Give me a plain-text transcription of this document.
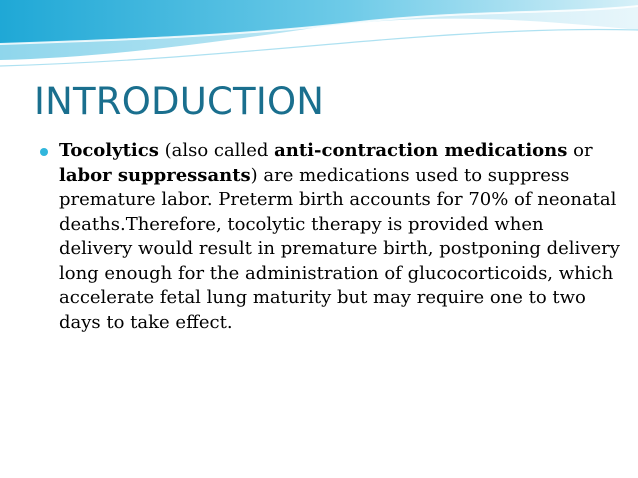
INTRODUCTION
Tocolytics (also called anti-contraction medications or labor suppressants) are medications used to suppress premature labor. Preterm birth accounts for 70% of neonatal deaths.Therefore, tocolytic therapy is provided when delivery would result in premature birth, postponing delivery long enough for the administration of glucocorticoids, which accelerate fetal lung maturity but may require one to two days to take effect.
